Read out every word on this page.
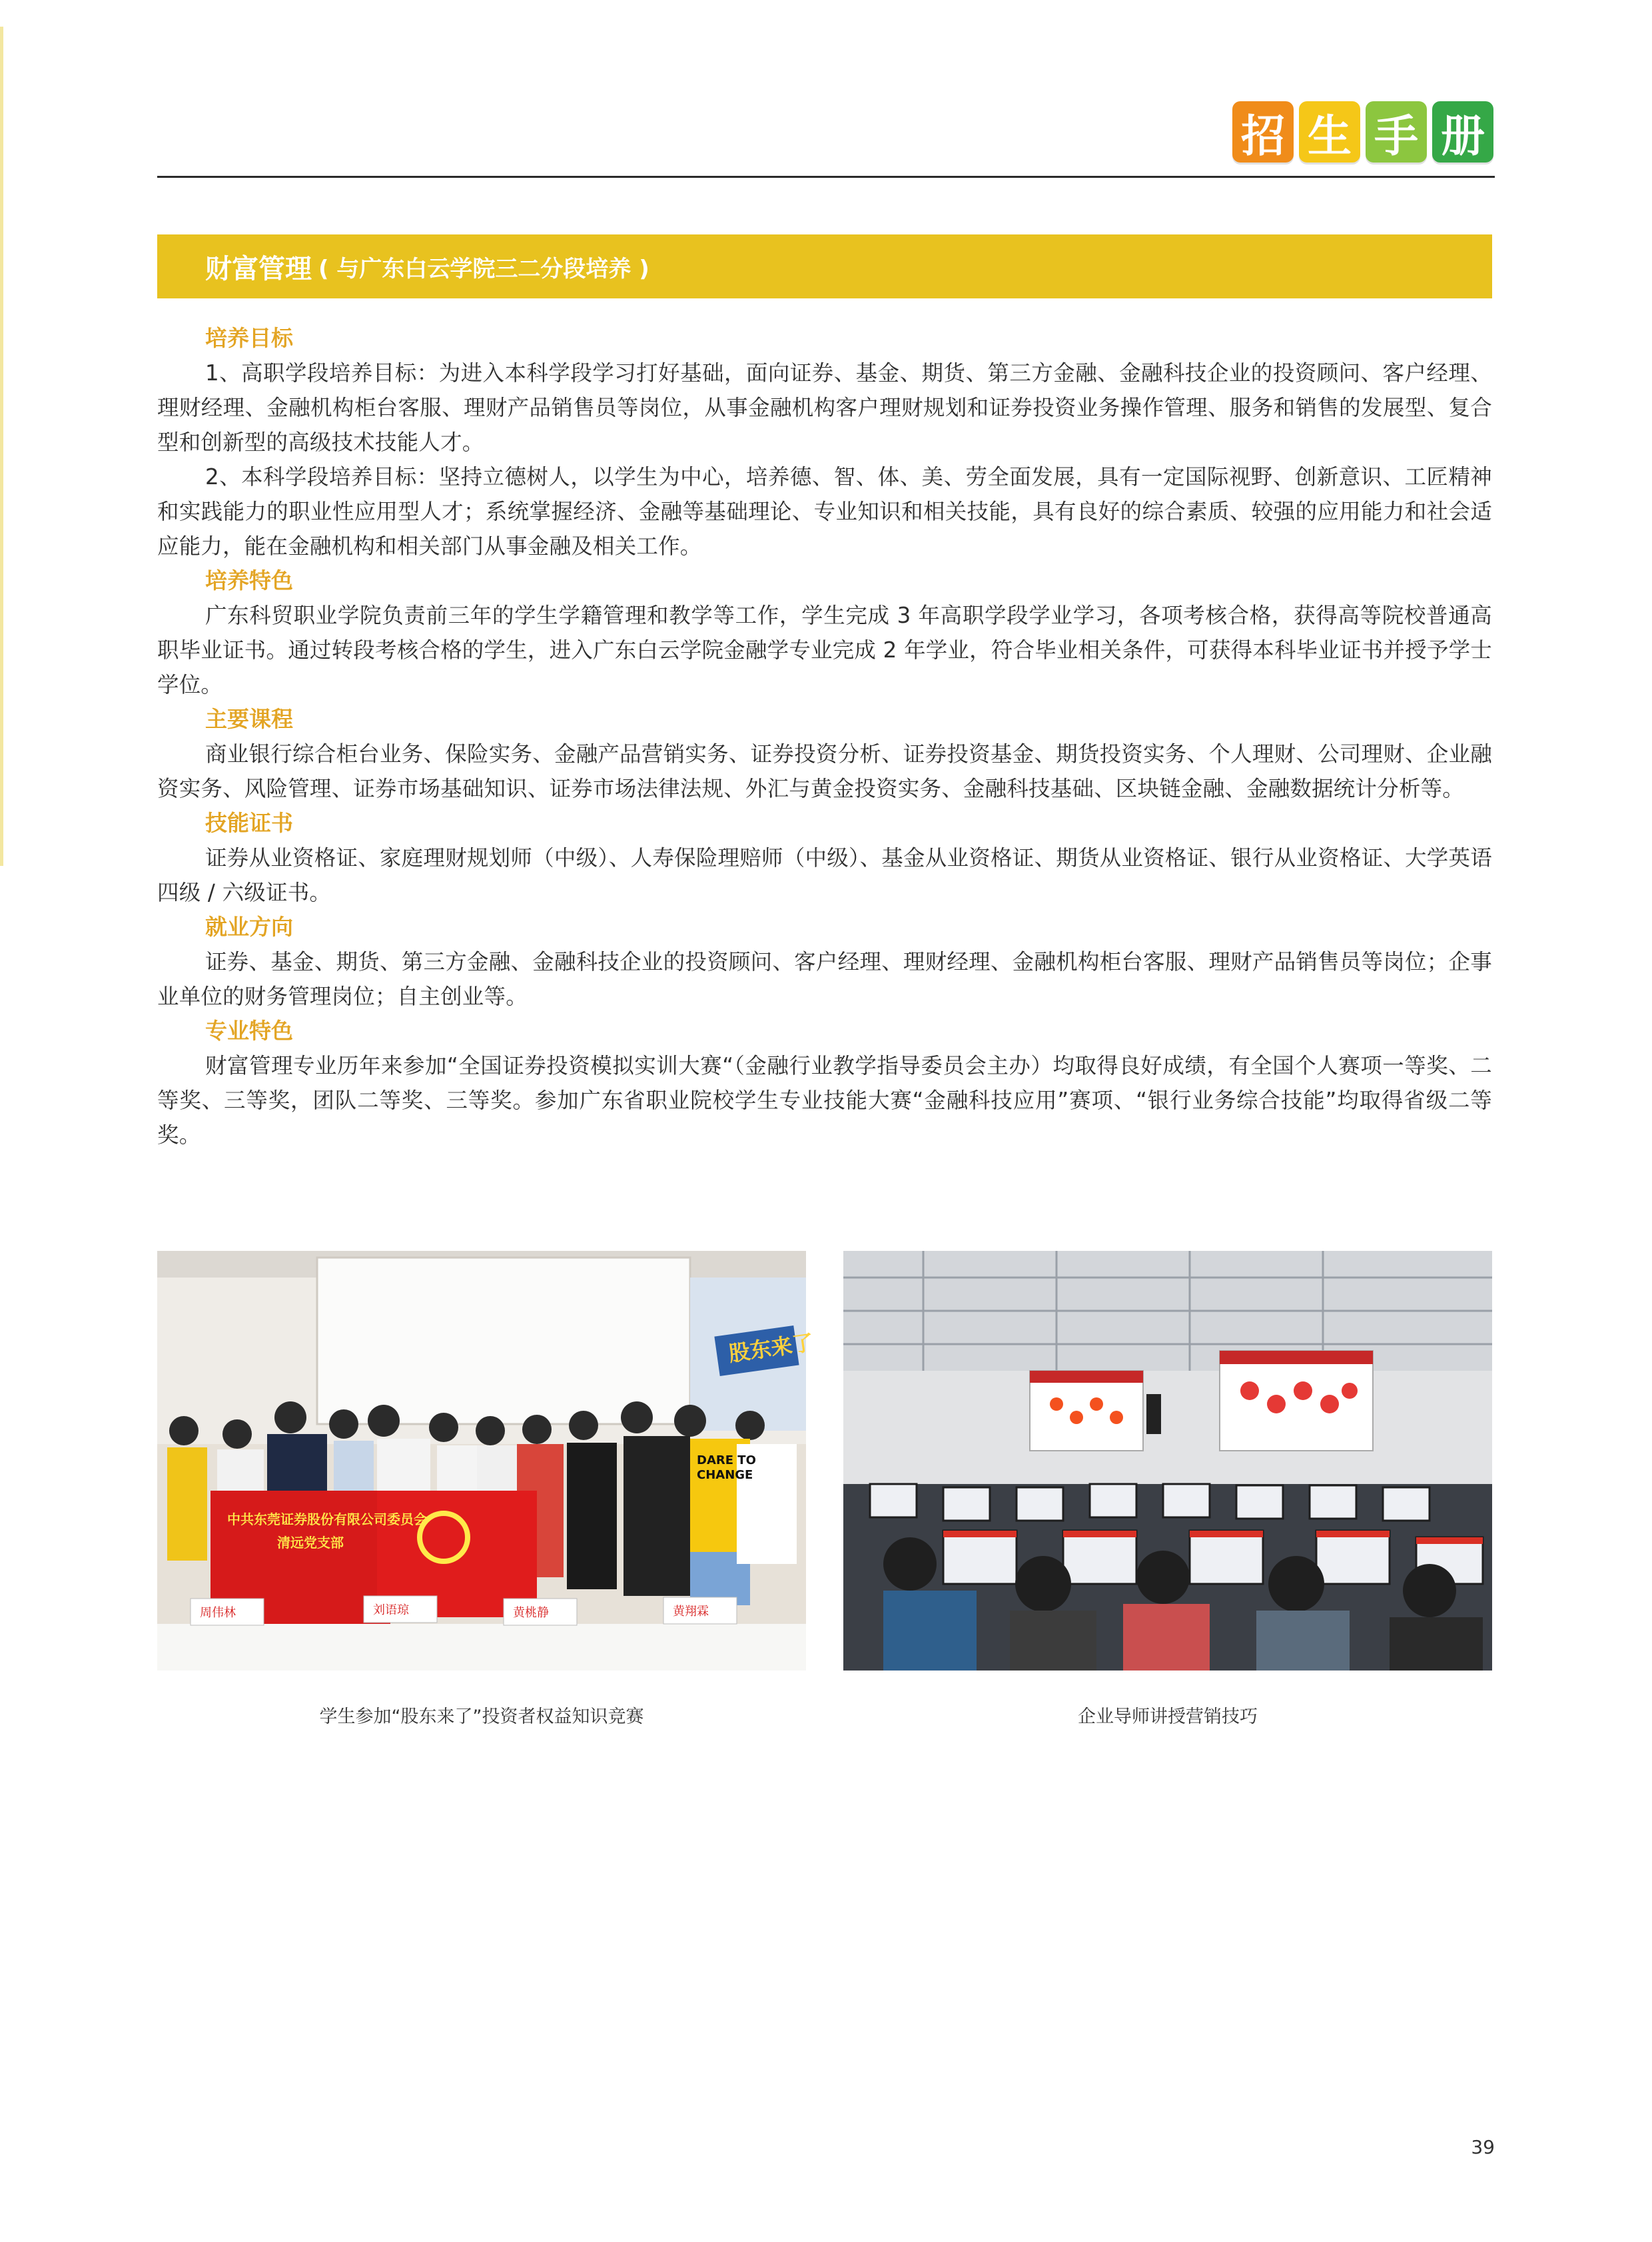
招 生 手 册
财富管理 ( 与广东白云学院三二分段培养 )
培养目标
1、高职学段培养目标：为进入本科学段学习打好基础，面向证券、基金、期货、第三方金融、金融科技企业的投资顾问、客户经理、理财经理、金融机构柜台客服、理财产品销售员等岗位，从事金融机构客户理财规划和证券投资业务操作管理、服务和销售的发展型、复合型和创新型的高级技术技能人才。
2、本科学段培养目标：坚持立德树人，以学生为中心，培养德、智、体、美、劳全面发展，具有一定国际视野、创新意识、工匠精神和实践能力的职业性应用型人才；系统掌握经济、金融等基础理论、专业知识和相关技能，具有良好的综合素质、较强的应用能力和社会适应能力，能在金融机构和相关部门从事金融及相关工作。
培养特色
广东科贸职业学院负责前三年的学生学籍管理和教学等工作，学生完成 3 年高职学段学业学习，各项考核合格，获得高等院校普通高职毕业证书。通过转段考核合格的学生，进入广东白云学院金融学专业完成 2 年学业，符合毕业相关条件，可获得本科毕业证书并授予学士学位。
主要课程
商业银行综合柜台业务、保险实务、金融产品营销实务、证券投资分析、证券投资基金、期货投资实务、个人理财、公司理财、企业融资实务、风险管理、证券市场基础知识、证券市场法律法规、外汇与黄金投资实务、金融科技基础、区块链金融、金融数据统计分析等。
技能证书
证券从业资格证、家庭理财规划师（中级）、人寿保险理赔师（中级）、基金从业资格证、期货从业资格证、银行从业资格证、大学英语四级 / 六级证书。
就业方向
证券、基金、期货、第三方金融、金融科技企业的投资顾问、客户经理、理财经理、金融机构柜台客服、理财产品销售员等岗位；企事业单位的财务管理岗位；自主创业等。
专业特色
财富管理专业历年来参加“全国证券投资模拟实训大赛“（金融行业教学指导委员会主办）均取得良好成绩，有全国个人赛项一等奖、二等奖、三等奖，团队二等奖、三等奖。参加广东省职业院校学生专业技能大赛“金融科技应用”赛项、“银行业务综合技能”均取得省级二等奖。
股东来了
中共东莞证券股份有限公司委员会
清远党支部
周伟林	刘语琼	黄桃静	黄翔霖
DARE TO
CHANGE
学生参加“股东来了”投资者权益知识竞赛	企业导师讲授营销技巧
39
